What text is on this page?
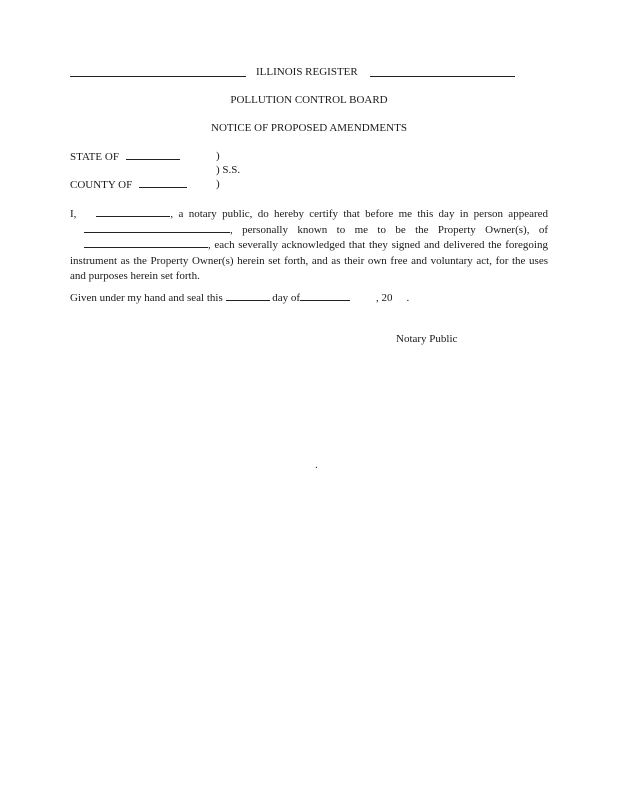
ILLINOIS REGISTER
POLLUTION CONTROL BOARD
NOTICE OF PROPOSED AMENDMENTS
STATE OF	)
) S.S.
COUNTY OF	)
I,	, a notary public, do hereby certify that before me this day in person appeared , personally known to me to be the Property Owner(s), of , each severally acknowledged that they signed and delivered the foregoing instrument as the Property Owner(s) herein set forth, and as their own free and voluntary act, for the uses and purposes herein set forth.
Given under my hand and seal this	day of	, 20 .
Notary Public
.
